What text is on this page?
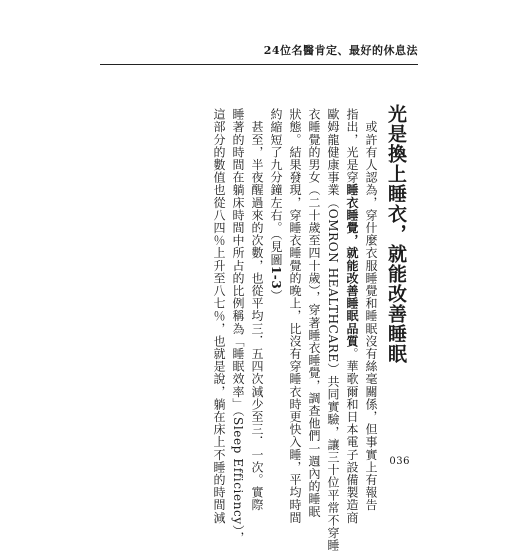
24位名醫肯定、最好的休息法
光是換上睡衣，就能改善睡眠
　或許有人認為，穿什麼衣服睡覺和睡眠沒有絲毫關係，但事實上有報告
指出，光是穿睡衣睡覺，就能改善睡眠品質。華歌爾和日本電子設備製造商
歐姆龍健康事業（OMRON HEALTHCARE）共同實驗，讓三十位平常不穿睡
衣睡覺的男女（二十歲至四十歲），穿著睡衣睡覺，調查他們一週內的睡眠
狀態。結果發現，穿睡衣睡覺的晚上，比沒有穿睡衣時更快入睡，平均時間
約縮短了九分鐘左右。（見圖1-3）
　甚至，半夜醒過來的次數，也從平均三．五四次減少至三．一次。實際
睡著的時間在躺床時間中所占的比例稱為「睡眠效率」（Sleep Efficiency），
這部分的數值也從八四％上升至八七％，也就是說，躺在床上不睡的時間減	036
